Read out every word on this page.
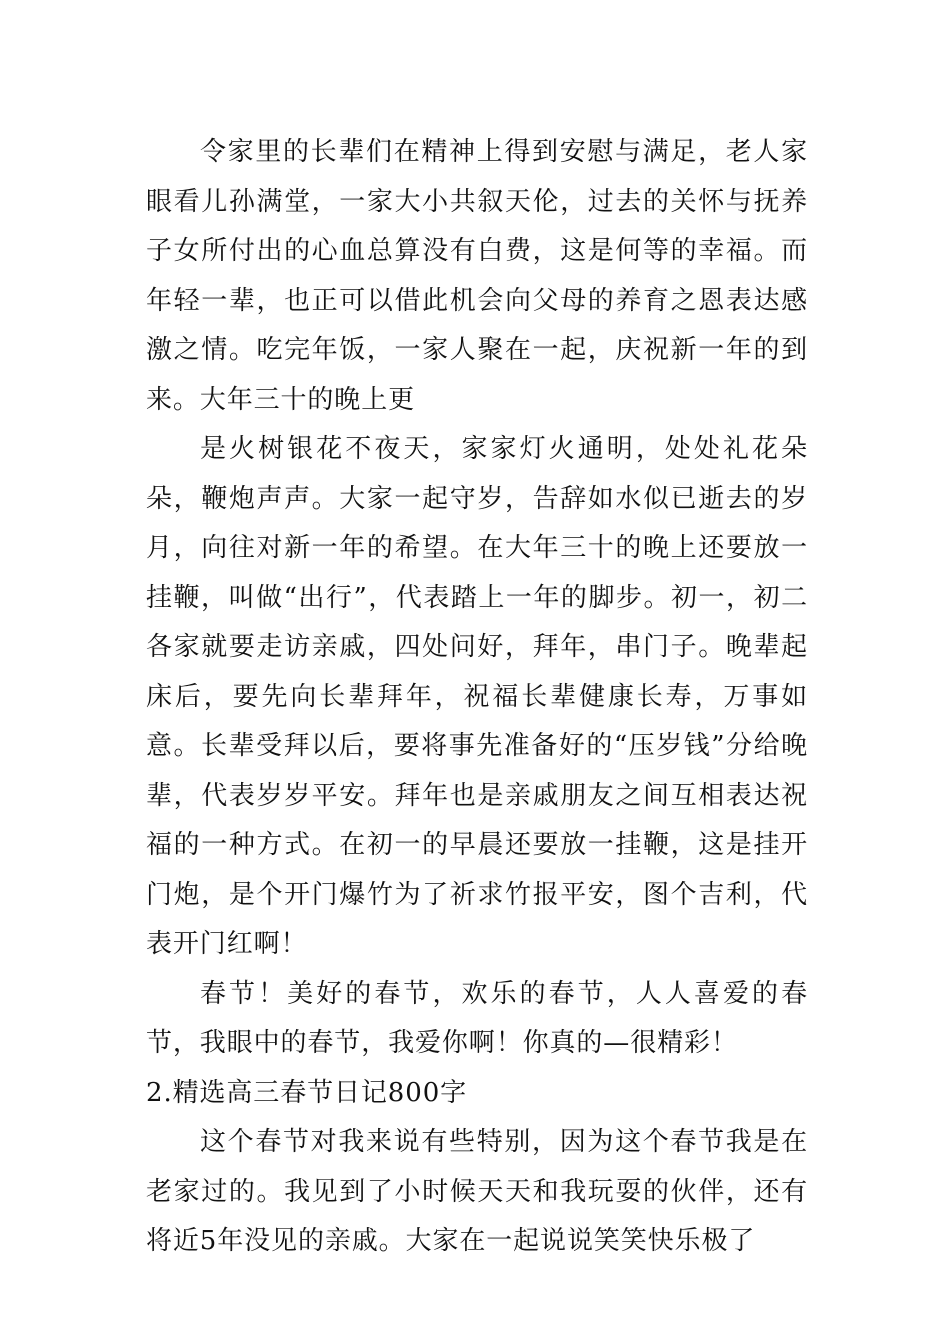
令家里的长辈们在精神上得到安慰与满足，老人家眼看儿孙满堂，一家大小共叙天伦，过去的关怀与抚养子女所付出的心血总算没有白费，这是何等的幸福。而年轻一辈，也正可以借此机会向父母的养育之恩表达感激之情。吃完年饭，一家人聚在一起，庆祝新一年的到来。大年三十的晚上更

是火树银花不夜天，家家灯火通明，处处礼花朵朵，鞭炮声声。大家一起守岁，告辞如水似已逝去的岁月，向往对新一年的希望。在大年三十的晚上还要放一挂鞭，叫做“出行”，代表踏上一年的脚步。初一，初二各家就要走访亲戚，四处问好，拜年，串门子。晚辈起床后，要先向长辈拜年，祝福长辈健康长寿，万事如意。长辈受拜以后，要将事先准备好的“压岁钱”分给晚辈，代表岁岁平安。拜年也是亲戚朋友之间互相表达祝福的一种方式。在初一的早晨还要放一挂鞭，这是挂开门炮，是个开门爆竹为了祈求竹报平安，图个吉利，代表开门红啊！

春节！美好的春节，欢乐的春节，人人喜爱的春节，我眼中的春节，我爱你啊！你真的—很精彩！

2.精选高三春节日记800字

这个春节对我来说有些特别，因为这个春节我是在老家过的。我见到了小时候天天和我玩耍的伙伴，还有将近5年没见的亲戚。大家在一起说说笑笑快乐极了
